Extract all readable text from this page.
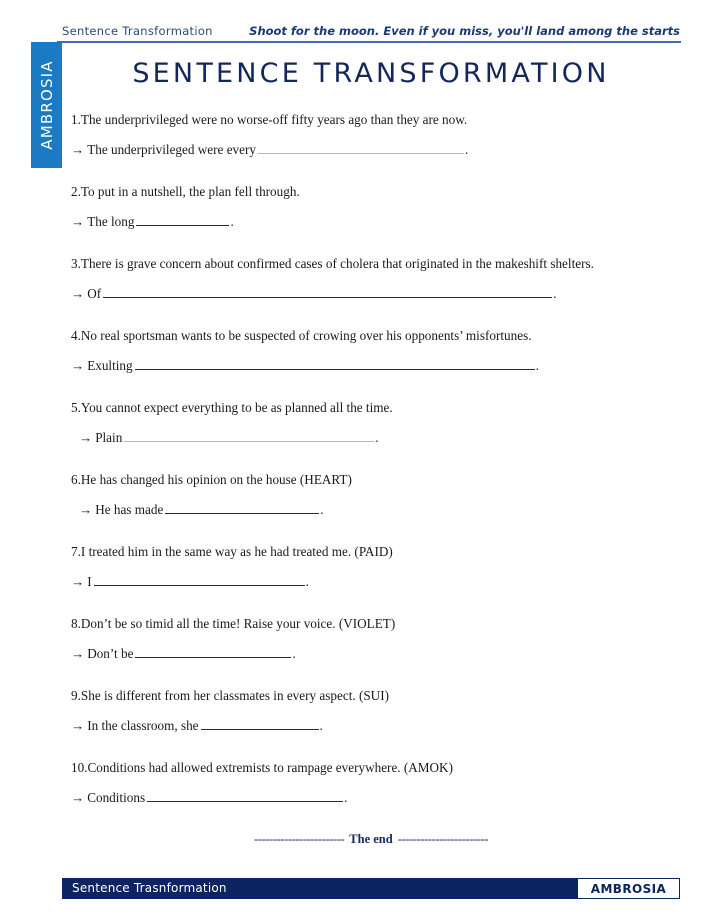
Sentence Transformation	Shoot for the moon. Even if you miss, you'll land among the starts
AMBROSIA	SENTENCE TRANSFORMATION
1.The underprivileged were no worse-off fifty years ago than they are now.
→ The underprivileged were every	.
2.To put in a nutshell, the plan fell through.
→ The long	.
3.There is grave concern about confirmed cases of cholera that originated in the makeshift shelters.
→ Of	.
4.No real sportsman wants to be suspected of crowing over his opponents’ misfortunes.
→ Exulting	.
5.You cannot expect everything to be as planned all the time.
→ Plain	.
6.He has changed his opinion on the house (HEART)
→ He has made	.
7.I treated him in the same way as he had treated me. (PAID)
→ I	.
8.Don’t be so timid all the time! Raise your voice. (VIOLET)
→ Don’t be	.
9.She is different from her classmates in every aspect. (SUI)
→ In the classroom, she	.
10.Conditions had allowed extremists to rampage everywhere. (AMOK)
→ Conditions	.
------------------------ The end ------------------------
Sentence Trasnformation	AMBROSIA
